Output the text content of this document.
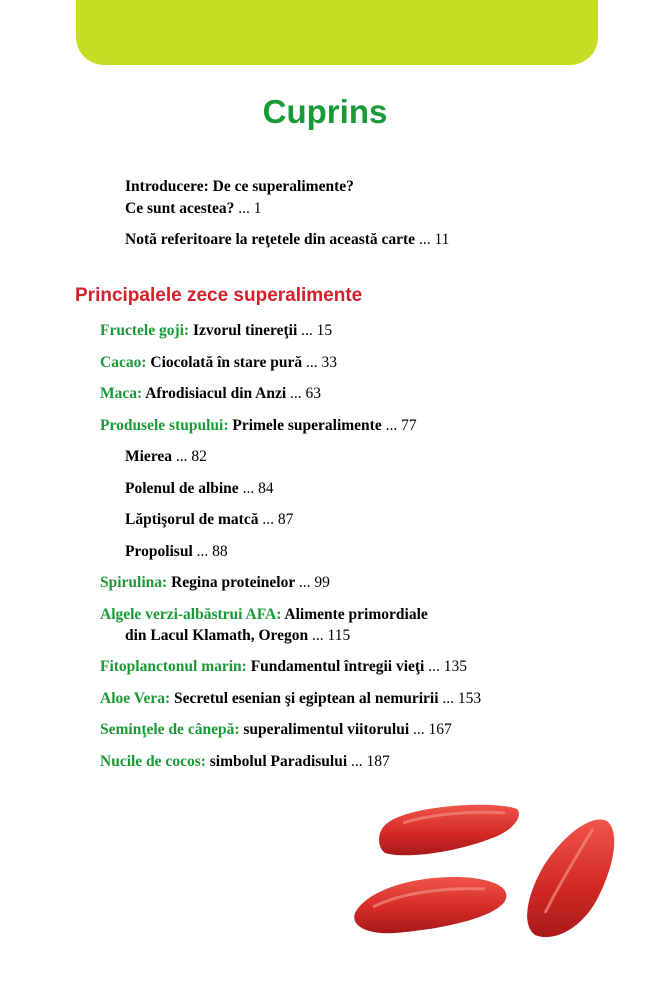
Cuprins
Introducere: De ce superalimente?
Ce sunt acestea? ... 1
Notă referitoare la reţetele din această carte ... 11
Principalele zece superalimente
Fructele goji: Izvorul tinereţii ... 15
Cacao: Ciocolată în stare pură ... 33
Maca: Afrodisiacul din Anzi ... 63
Produsele stupului: Primele superalimente ... 77
Mierea ... 82
Polenul de albine ... 84
Lăptişorul de matcă ... 87
Propolisul ... 88
Spirulina: Regina proteinelor ... 99
Algele verzi-albăstrui AFA: Alimente primordiale
din Lacul Klamath, Oregon ... 115
Fitoplanctonul marin: Fundamentul întregii vieţi ... 135
Aloe Vera: Secretul esenian şi egiptean al nemuririi ... 153
Seminţele de cânepă: superalimentul viitorului ... 167
Nucile de cocos: simbolul Paradisului ... 187
